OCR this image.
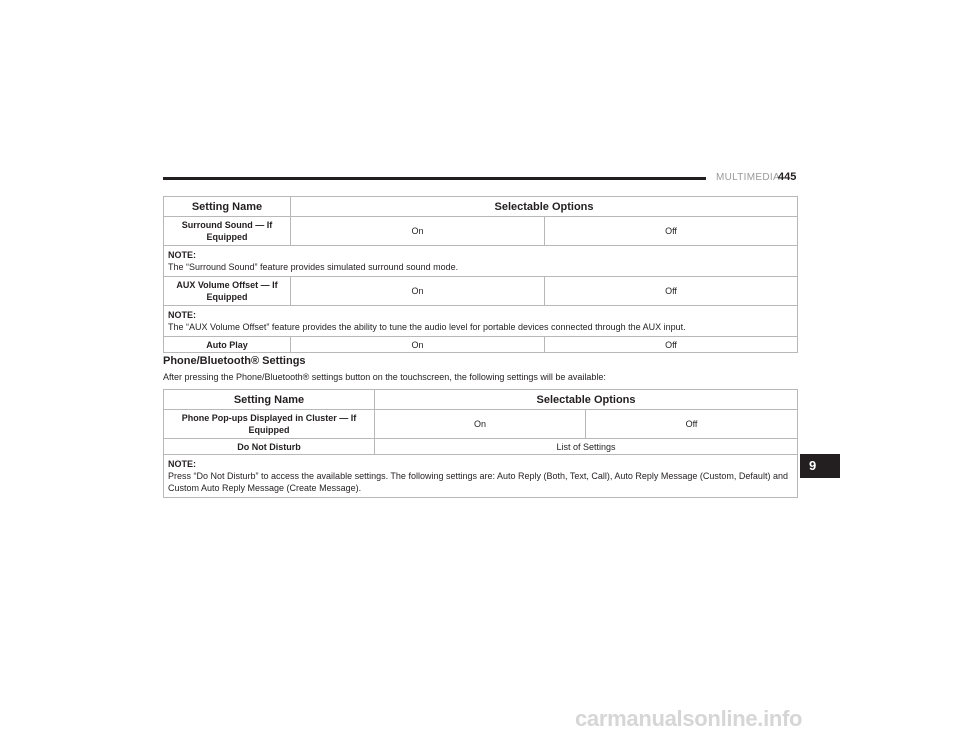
MULTIMEDIA
445
Setting Name	Selectable Options	
Surround Sound — If Equipped	On	Off

NOTE:
The “Surround Sound” feature provides simulated surround sound mode.		
AUX Volume Offset — If Equipped	On	Off

NOTE:
The “AUX Volume Offset” feature provides the ability to tune the audio level for portable devices connected through the AUX input.		
Auto Play	On	Off
Phone/Bluetooth® Settings
After pressing the Phone/Bluetooth® settings button on the touchscreen, the following settings will be available:
Setting Name	Selectable Options	
Phone Pop-ups Displayed in Cluster — If Equipped	On	Off
Do Not Disturb	List of Settings	

NOTE:
Press “Do Not Disturb” to access the available settings. The following settings are: Auto Reply (Both, Text, Call), Auto Reply Message (Custom, Default) and Custom Auto Reply Message (Create Message).		
9
carmanualsonline.info
